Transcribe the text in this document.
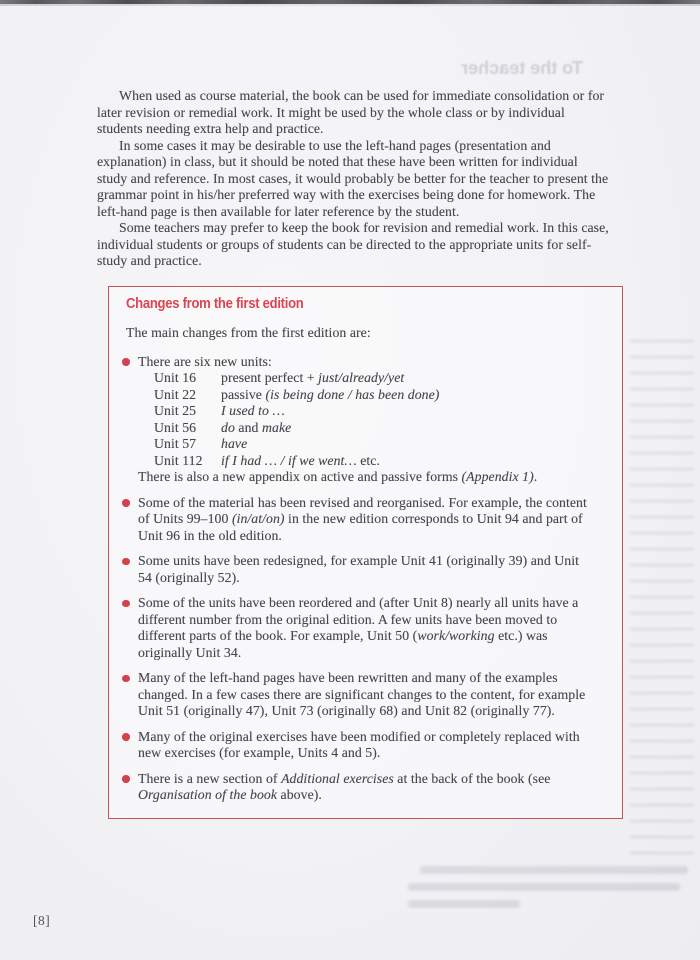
To the teacher

When used as course material, the book can be used for immediate consolidation or for later revision or remedial work. It might be used by the whole class or by individual students needing extra help and practice.

In some cases it may be desirable to use the left-hand pages (presentation and explanation) in class, but it should be noted that these have been written for individual study and reference. In most cases, it would probably be better for the teacher to present the grammar point in his/her preferred way with the exercises being done for homework. The left-hand page is then available for later reference by the student.

Some teachers may prefer to keep the book for revision and remedial work. In this case, individual students or groups of students can be directed to the appropriate units for self-study and practice.

Changes from the first edition

The main changes from the first edition are:

There are six new units:

Unit 16	present perfect + just/already/yet
Unit 22	passive (is being done / has been done)
Unit 25	I used to …
Unit 56	do and make
Unit 57	have
Unit 112	if I had … / if we went… etc.

There is also a new appendix on active and passive forms (Appendix 1).

Some of the material has been revised and reorganised. For example, the content of Units 99–100 (in/at/on) in the new edition corresponds to Unit 94 and part of Unit 96 in the old edition.

Some units have been redesigned, for example Unit 41 (originally 39) and Unit 54 (originally 52).

Some of the units have been reordered and (after Unit 8) nearly all units have a different number from the original edition. A few units have been moved to different parts of the book. For example, Unit 50 (work/working etc.) was originally Unit 34.

Many of the left-hand pages have been rewritten and many of the examples changed. In a few cases there are significant changes to the content, for example Unit 51 (originally 47), Unit 73 (originally 68) and Unit 82 (originally 77).

Many of the original exercises have been modified or completely replaced with new exercises (for example, Units 4 and 5).

There is a new section of Additional exercises at the back of the book (see Organisation of the book above).

[8]
